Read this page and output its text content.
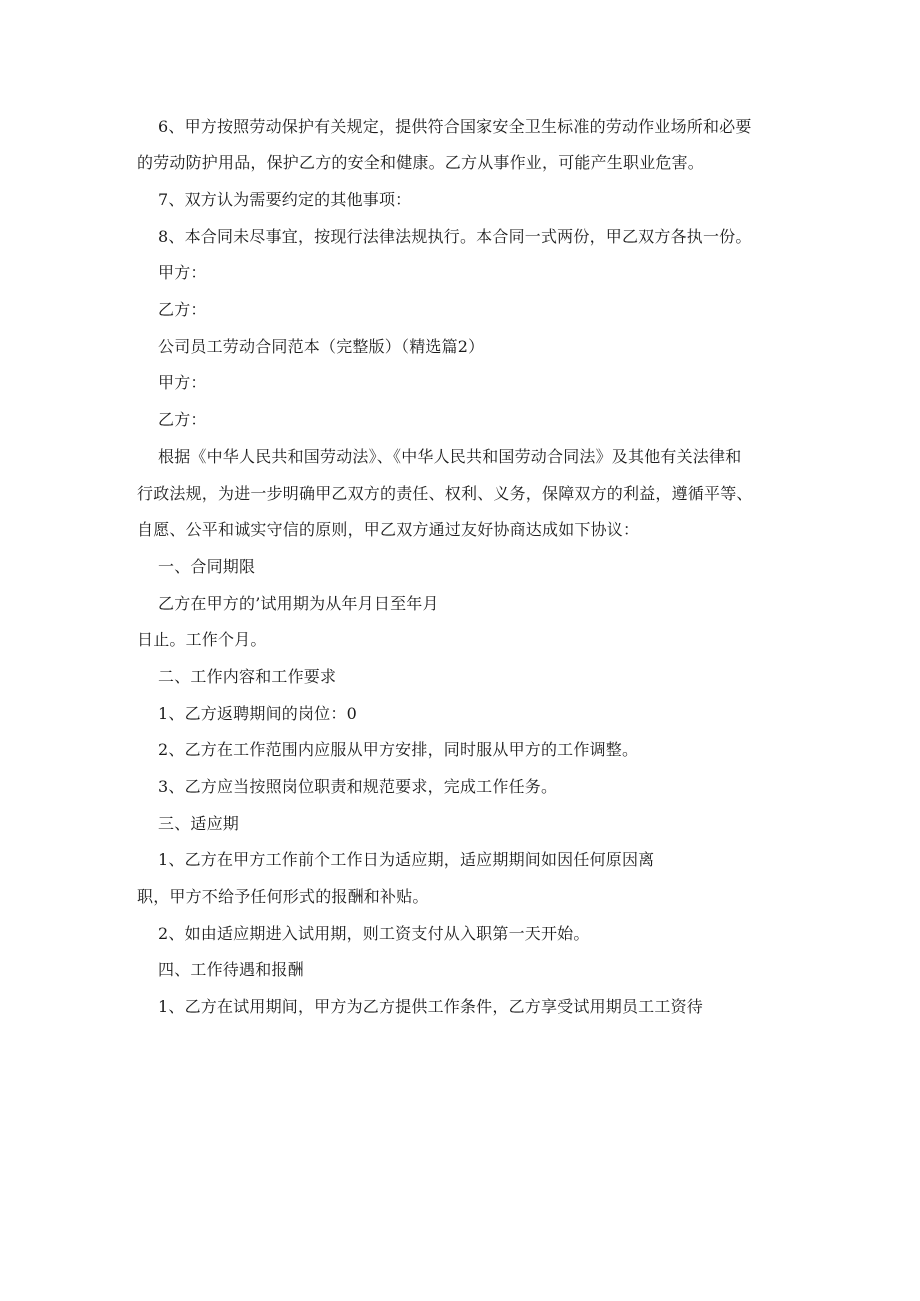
6、甲方按照劳动保护有关规定，提供符合国家安全卫生标准的劳动作业场所和必要
的劳动防护用品，保护乙方的安全和健康。乙方从事作业，可能产生职业危害。
7、双方认为需要约定的其他事项：
8、本合同未尽事宜，按现行法律法规执行。本合同一式两份，甲乙双方各执一份。
甲方：
乙方：
公司员工劳动合同范本（完整版）（精选篇2）
甲方：
乙方：
根据《中华人民共和国劳动法》、《中华人民共和国劳动合同法》及其他有关法律和
行政法规，为进一步明确甲乙双方的责任、权利、义务，保障双方的利益，遵循平等、
自愿、公平和诚实守信的原则，甲乙双方通过友好协商达成如下协议：
一、合同期限
乙方在甲方的’试用期为从年月日至年月
日止。工作个月。
二、工作内容和工作要求
1、乙方返聘期间的岗位：0
2、乙方在工作范围内应服从甲方安排，同时服从甲方的工作调整。
3、乙方应当按照岗位职责和规范要求，完成工作任务。
三、适应期
1、乙方在甲方工作前个工作日为适应期，适应期期间如因任何原因离
职，甲方不给予任何形式的报酬和补贴。
2、如由适应期进入试用期，则工资支付从入职第一天开始。
四、工作待遇和报酬
1、乙方在试用期间，甲方为乙方提供工作条件，乙方享受试用期员工工资待
